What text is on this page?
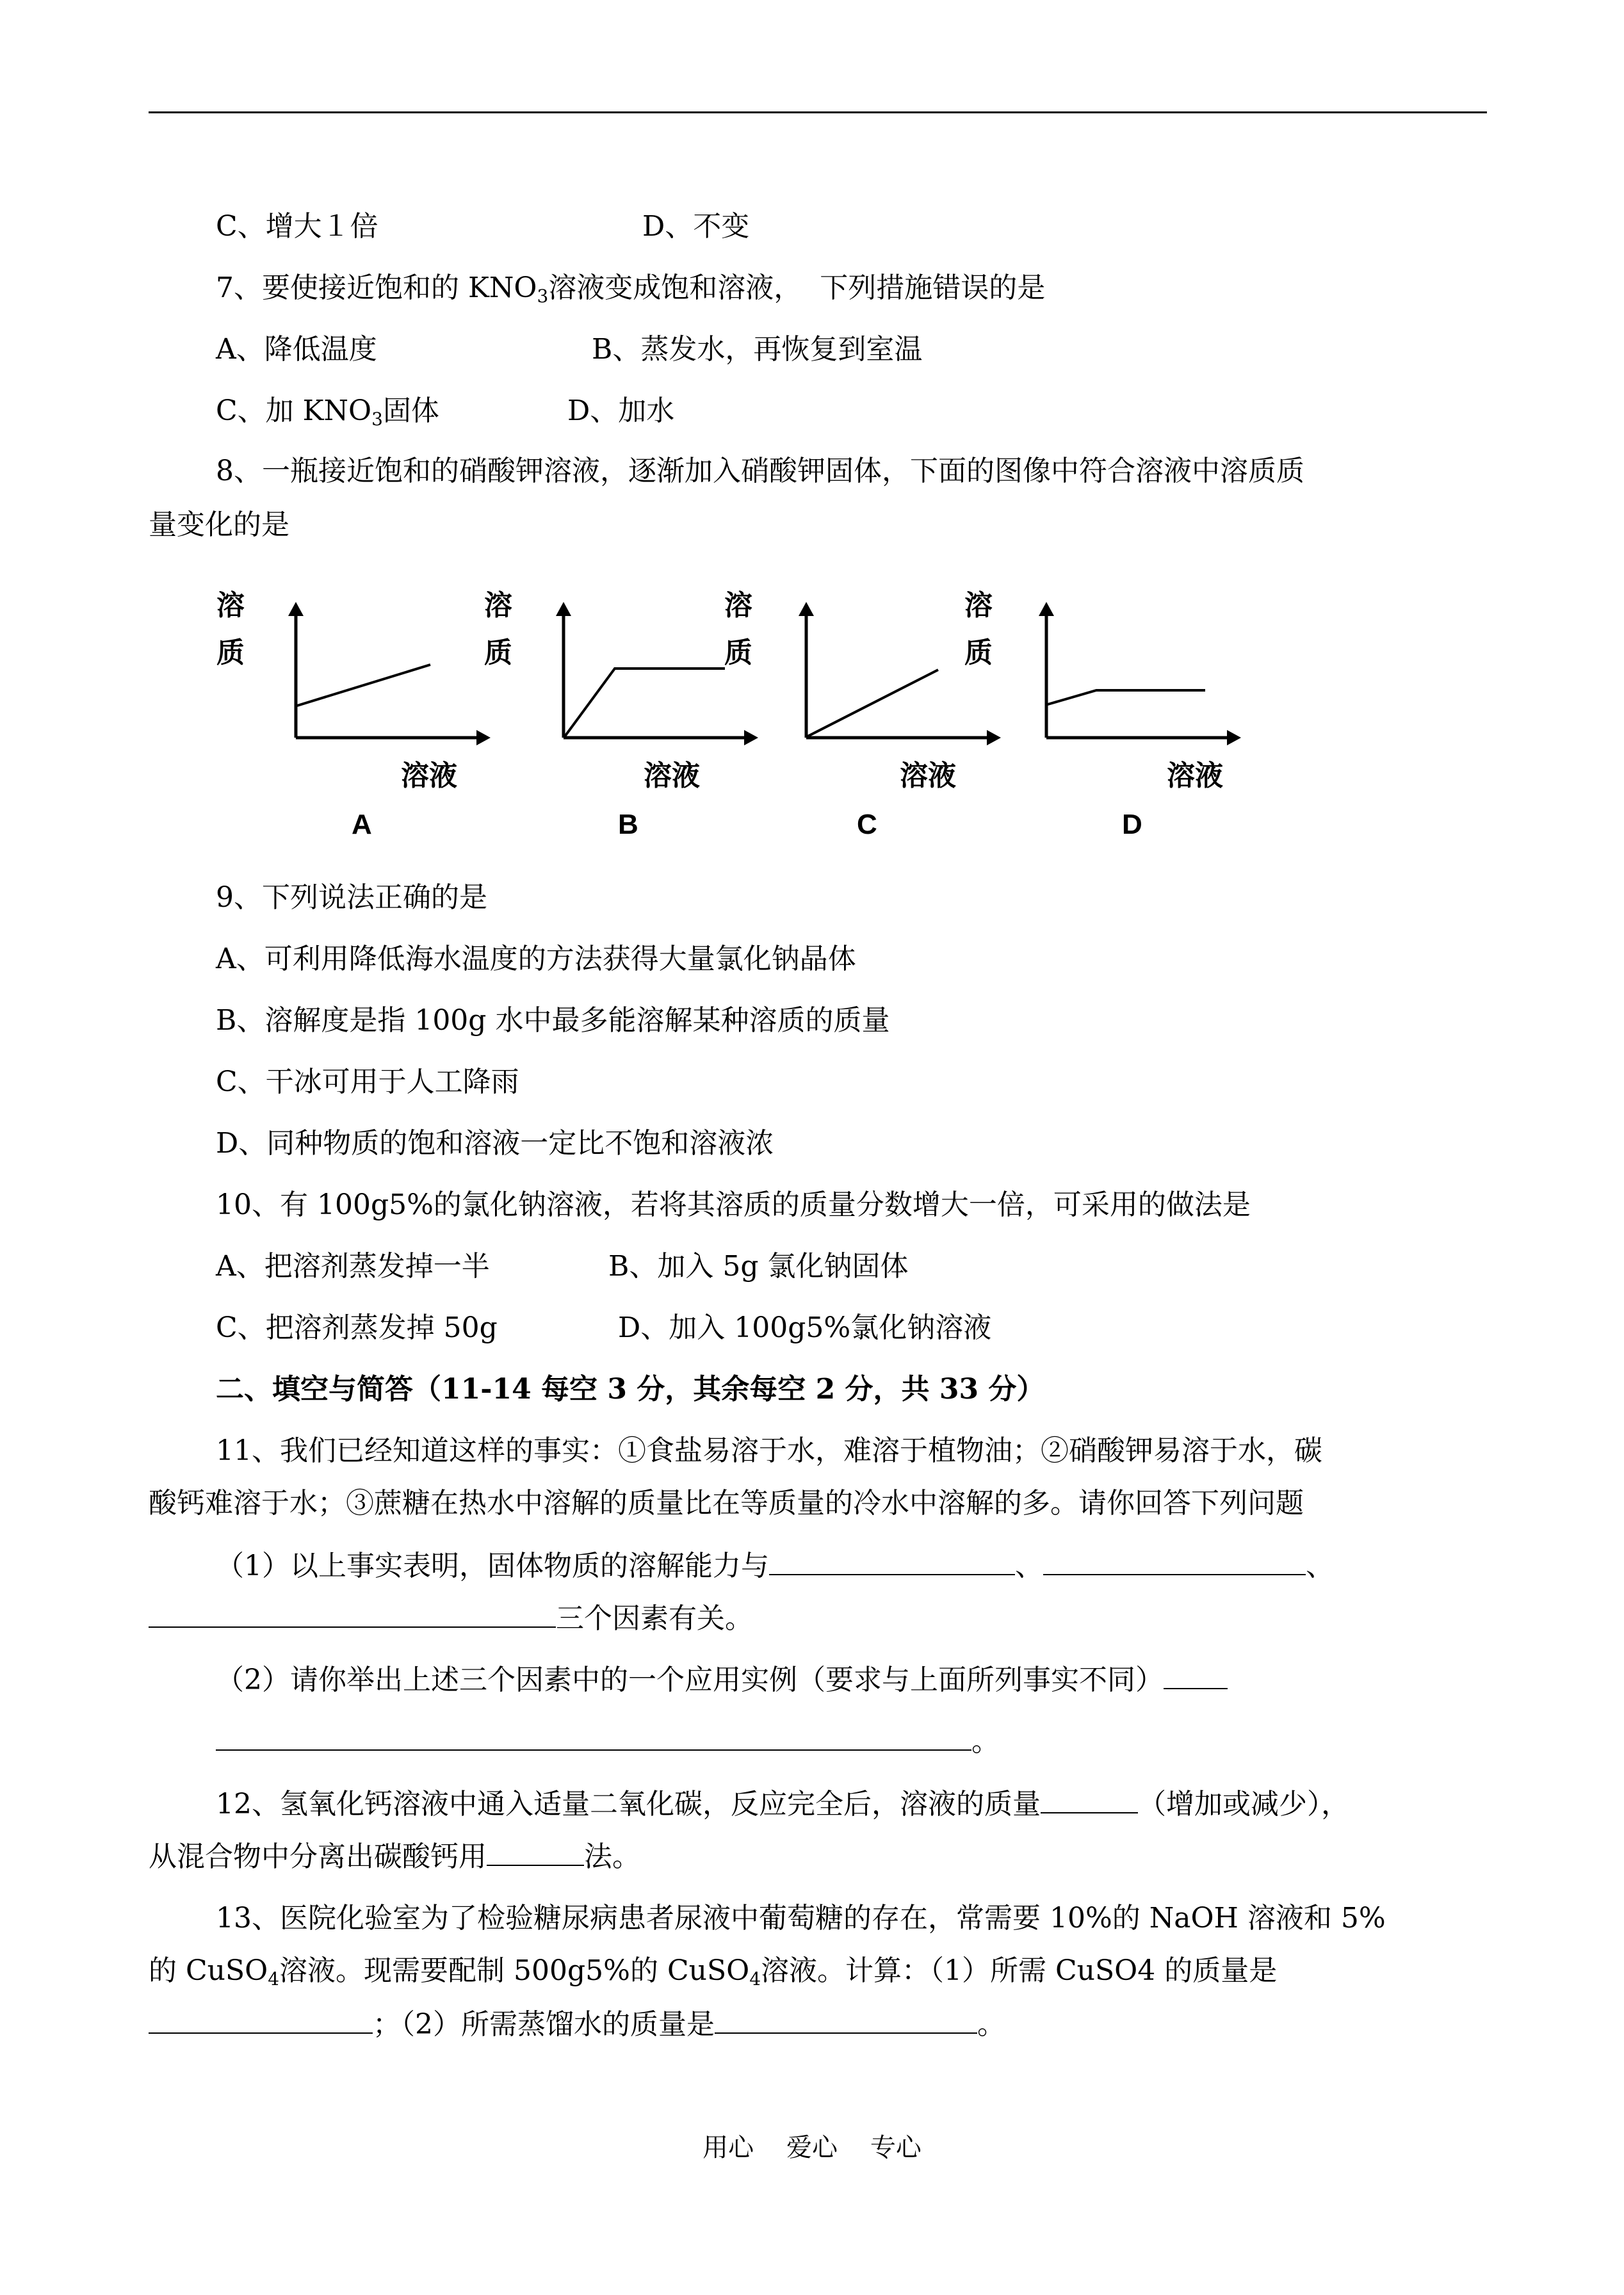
C、增大１倍	D、不变
7、要使接近饱和的 $KNO_3$溶液变成饱和溶液，  下列措施错误的是
A、降低温度	B、蒸发水，再恢复到室温
C、加 $KNO_3$固体	D、加水
8、一瓶接近饱和的硝酸钾溶液，逐渐加入硝酸钾固体，下面的图像中符合溶液中溶质质
量变化的是
溶
质
溶液
A
溶
质
溶液
B
溶
质
溶液
C
溶
质
溶液
D
9、下列说法正确的是
A、可利用降低海水温度的方法获得大量氯化钠晶体
B、溶解度是指 100g 水中最多能溶解某种溶质的质量
C、干冰可用于人工降雨
D、同种物质的饱和溶液一定比不饱和溶液浓
10、有 100g5%的氯化钠溶液，若将其溶质的质量分数增大一倍，可采用的做法是
A、把溶剂蒸发掉一半	B、加入 5g 氯化钠固体
C、把溶剂蒸发掉 50g	D、加入 100g5%氯化钠溶液
二、填空与简答（11-14 每空 3 分，其余每空 2 分，共 33 分）
11、我们已经知道这样的事实：①食盐易溶于水，难溶于植物油；②硝酸钾易溶于水，碳
酸钙难溶于水；③蔗糖在热水中溶解的质量比在等质量的冷水中溶解的多。请你回答下列问题
（1）以上事实表明，固体物质的溶解能力与	、	、
三个因素有关。
（2）请你举出上述三个因素中的一个应用实例（要求与上面所列事实不同）
。
12、氢氧化钙溶液中通入适量二氧化碳，反应完全后，溶液的质量	（增加或减少），
从混合物中分离出碳酸钙用	法。
13、医院化验室为了检验糖尿病患者尿液中葡萄糖的存在，常需要 10%的 NaOH 溶液和 5%
的 CuSO$_4$溶液。现需要配制 500g5%的 CuSO$_4$溶液。计算：（1）所需 CuSO4 的质量是
；（2）所需蒸馏水的质量是	。
用心    爱心    专心
